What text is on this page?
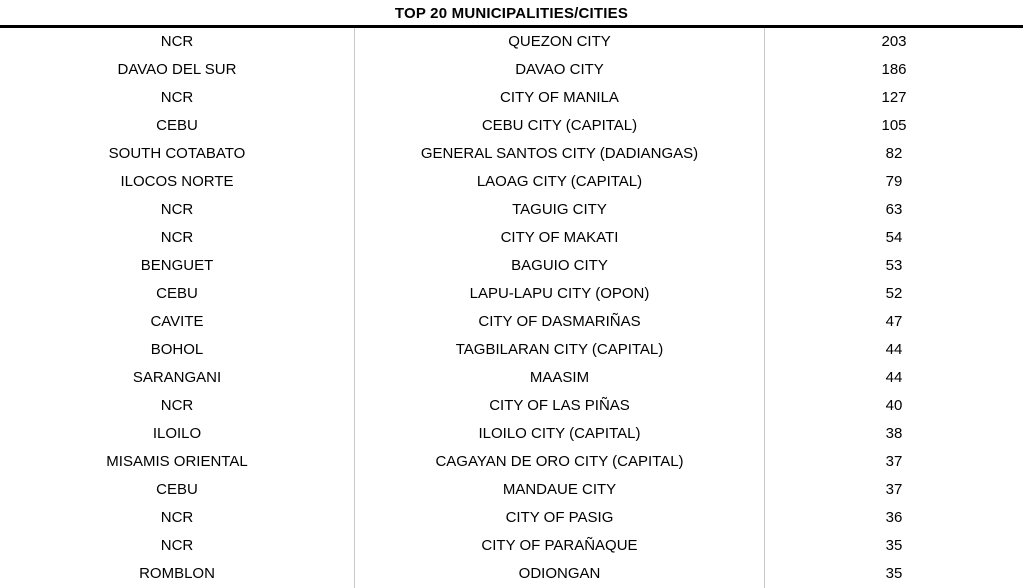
TOP 20 MUNICIPALITIES/CITIES
NCR	QUEZON CITY	203
DAVAO DEL SUR	DAVAO CITY	186
NCR	CITY OF MANILA	127
CEBU	CEBU CITY (CAPITAL)	105
SOUTH COTABATO	GENERAL SANTOS CITY (DADIANGAS)	82
ILOCOS NORTE	LAOAG CITY (CAPITAL)	79
NCR	TAGUIG CITY	63
NCR	CITY OF MAKATI	54
BENGUET	BAGUIO CITY	53
CEBU	LAPU-LAPU CITY (OPON)	52
CAVITE	CITY OF DASMARIÑAS	47
BOHOL	TAGBILARAN CITY (CAPITAL)	44
SARANGANI	MAASIM	44
NCR	CITY OF LAS PIÑAS	40
ILOILO	ILOILO CITY (CAPITAL)	38
MISAMIS ORIENTAL	CAGAYAN DE ORO CITY (CAPITAL)	37
CEBU	MANDAUE CITY	37
NCR	CITY OF PASIG	36
NCR	CITY OF PARAÑAQUE	35
ROMBLON	ODIONGAN	35
